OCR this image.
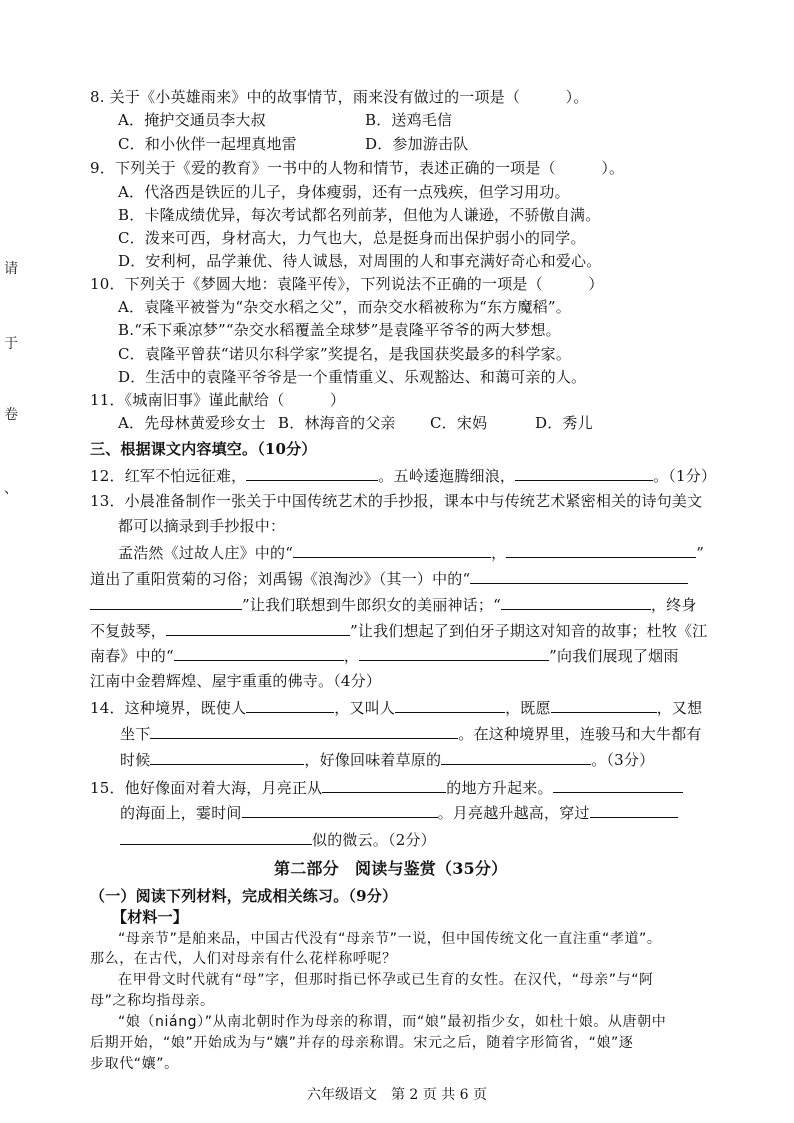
请
于
卷
、
8. 关于《小英雄雨来》中的故事情节，雨来没有做过的一项是（　　　）。
A．掩护交通员李大叔	B．送鸡毛信
C．和小伙伴一起埋真地雷	D．参加游击队
9．下列关于《爱的教育》一书中的人物和情节，表述正确的一项是（　　　）。
A．代洛西是铁匠的儿子，身体瘦弱，还有一点残疾，但学习用功。
B．卡隆成绩优异，每次考试都名列前茅，但他为人谦逊，不骄傲自满。
C．泼来可西，身材高大，力气也大，总是挺身而出保护弱小的同学。
D．安利柯，品学兼优、待人诚恳，对周围的人和事充满好奇心和爱心。
10．下列关于《梦圆大地：袁隆平传》，下列说法不正确的一项是（　　　）
A．袁隆平被誉为“杂交水稻之父”，而杂交水稻被称为“东方魔稻”。
B.“禾下乘凉梦”“杂交水稻覆盖全球梦”是袁隆平爷爷的两大梦想。
C．袁隆平曾获“诺贝尔科学家”奖提名，是我国获奖最多的科学家。
D．生活中的袁隆平爷爷是一个重情重义、乐观豁达、和蔼可亲的人。
11．《城南旧事》谨此献给（　　　）
A．先母林黄爱珍女士 B．林海音的父亲 C．宋妈	D．秀儿
三、根据课文内容填空。（10分）
12．红军不怕远征难，	。五岭逶迤腾细浪，	。（1分）
13．小晨准备制作一张关于中国传统艺术的手抄报，课本中与传统艺术紧密相关的诗句美文
都可以摘录到手抄报中：
孟浩然《过故人庄》中的“	，	”
道出了重阳赏菊的习俗；刘禹锡《浪淘沙》（其一）中的“
”让我们联想到牛郎织女的美丽神话；“	，终身
不复鼓琴，	”让我们想起了到伯牙子期这对知音的故事；杜牧《江
南春》中的“	，	”向我们展现了烟雨
江南中金碧辉煌、屋宇重重的佛寺。（4分）
14．这种境界，既使人	，又叫人	，既愿	，又想
坐下	。在这种境界里，连骏马和大牛都有
时候	，好像回味着草原的	。（3分）
15．他好像面对着大海，月亮正从	的地方升起来。
的海面上，霎时间	。月亮越升越高，穿过
似的微云。（2分）
第二部分　阅读与鉴赏（35分）
（一）阅读下列材料，完成相关练习。（9分）
【材料一】
“母亲节”是舶来品，中国古代没有“母亲节”一说，但中国传统文化一直注重“孝道”。
那么，在古代，人们对母亲有什么花样称呼呢？
在甲骨文时代就有“母”字，但那时指已怀孕或已生育的女性。在汉代，“母亲”与“阿
母”之称均指母亲。
“娘（niáng）”从南北朝时作为母亲的称谓，而“娘”最初指少女，如杜十娘。从唐朝中
后期开始，“娘”开始成为与“孃”并存的母亲称谓。宋元之后，随着字形简省，“娘”逐
步取代“孃”。
六年级语文　第 2 页 共 6 页
